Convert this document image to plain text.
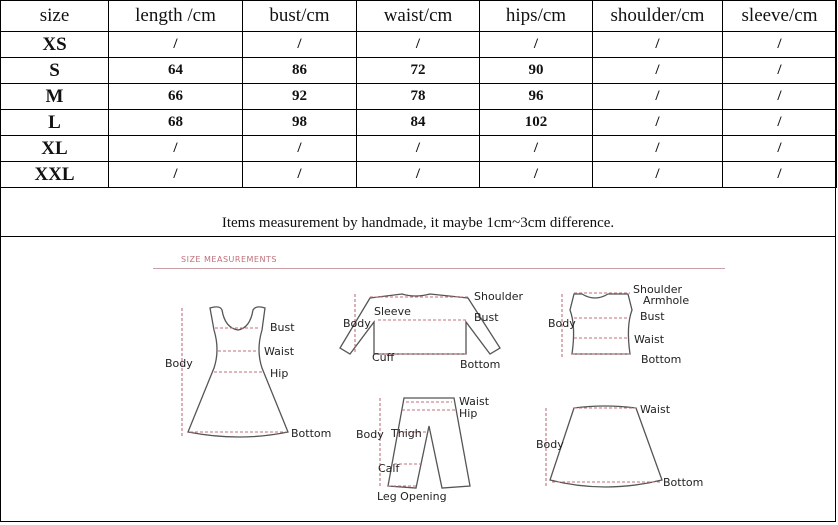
size	length /cm	bust/cm	waist/cm	hips/cm	shoulder/cm	sleeve/cm
XS	/	/	/	/	/	/
S	64	86	72	90	/	/
M	66	92	78	96	/	/
L	68	98	84	102	/	/
XL	/	/	/	/	/	/
XXL	/	/	/	/	/	/
Items measurement by handmade, it maybe 1cm~3cm difference.
SIZE MEASUREMENTS
Bust
Waist
Hip
Body
Bottom
Shoulder
Sleeve	Bust
Body
Cuff
Bottom
Shoulder
Armhole
Bust
Body
Waist
Bottom
Waist
Hip
Body Thigh
Calf
Leg Opening
Waist
Body
Bottom
